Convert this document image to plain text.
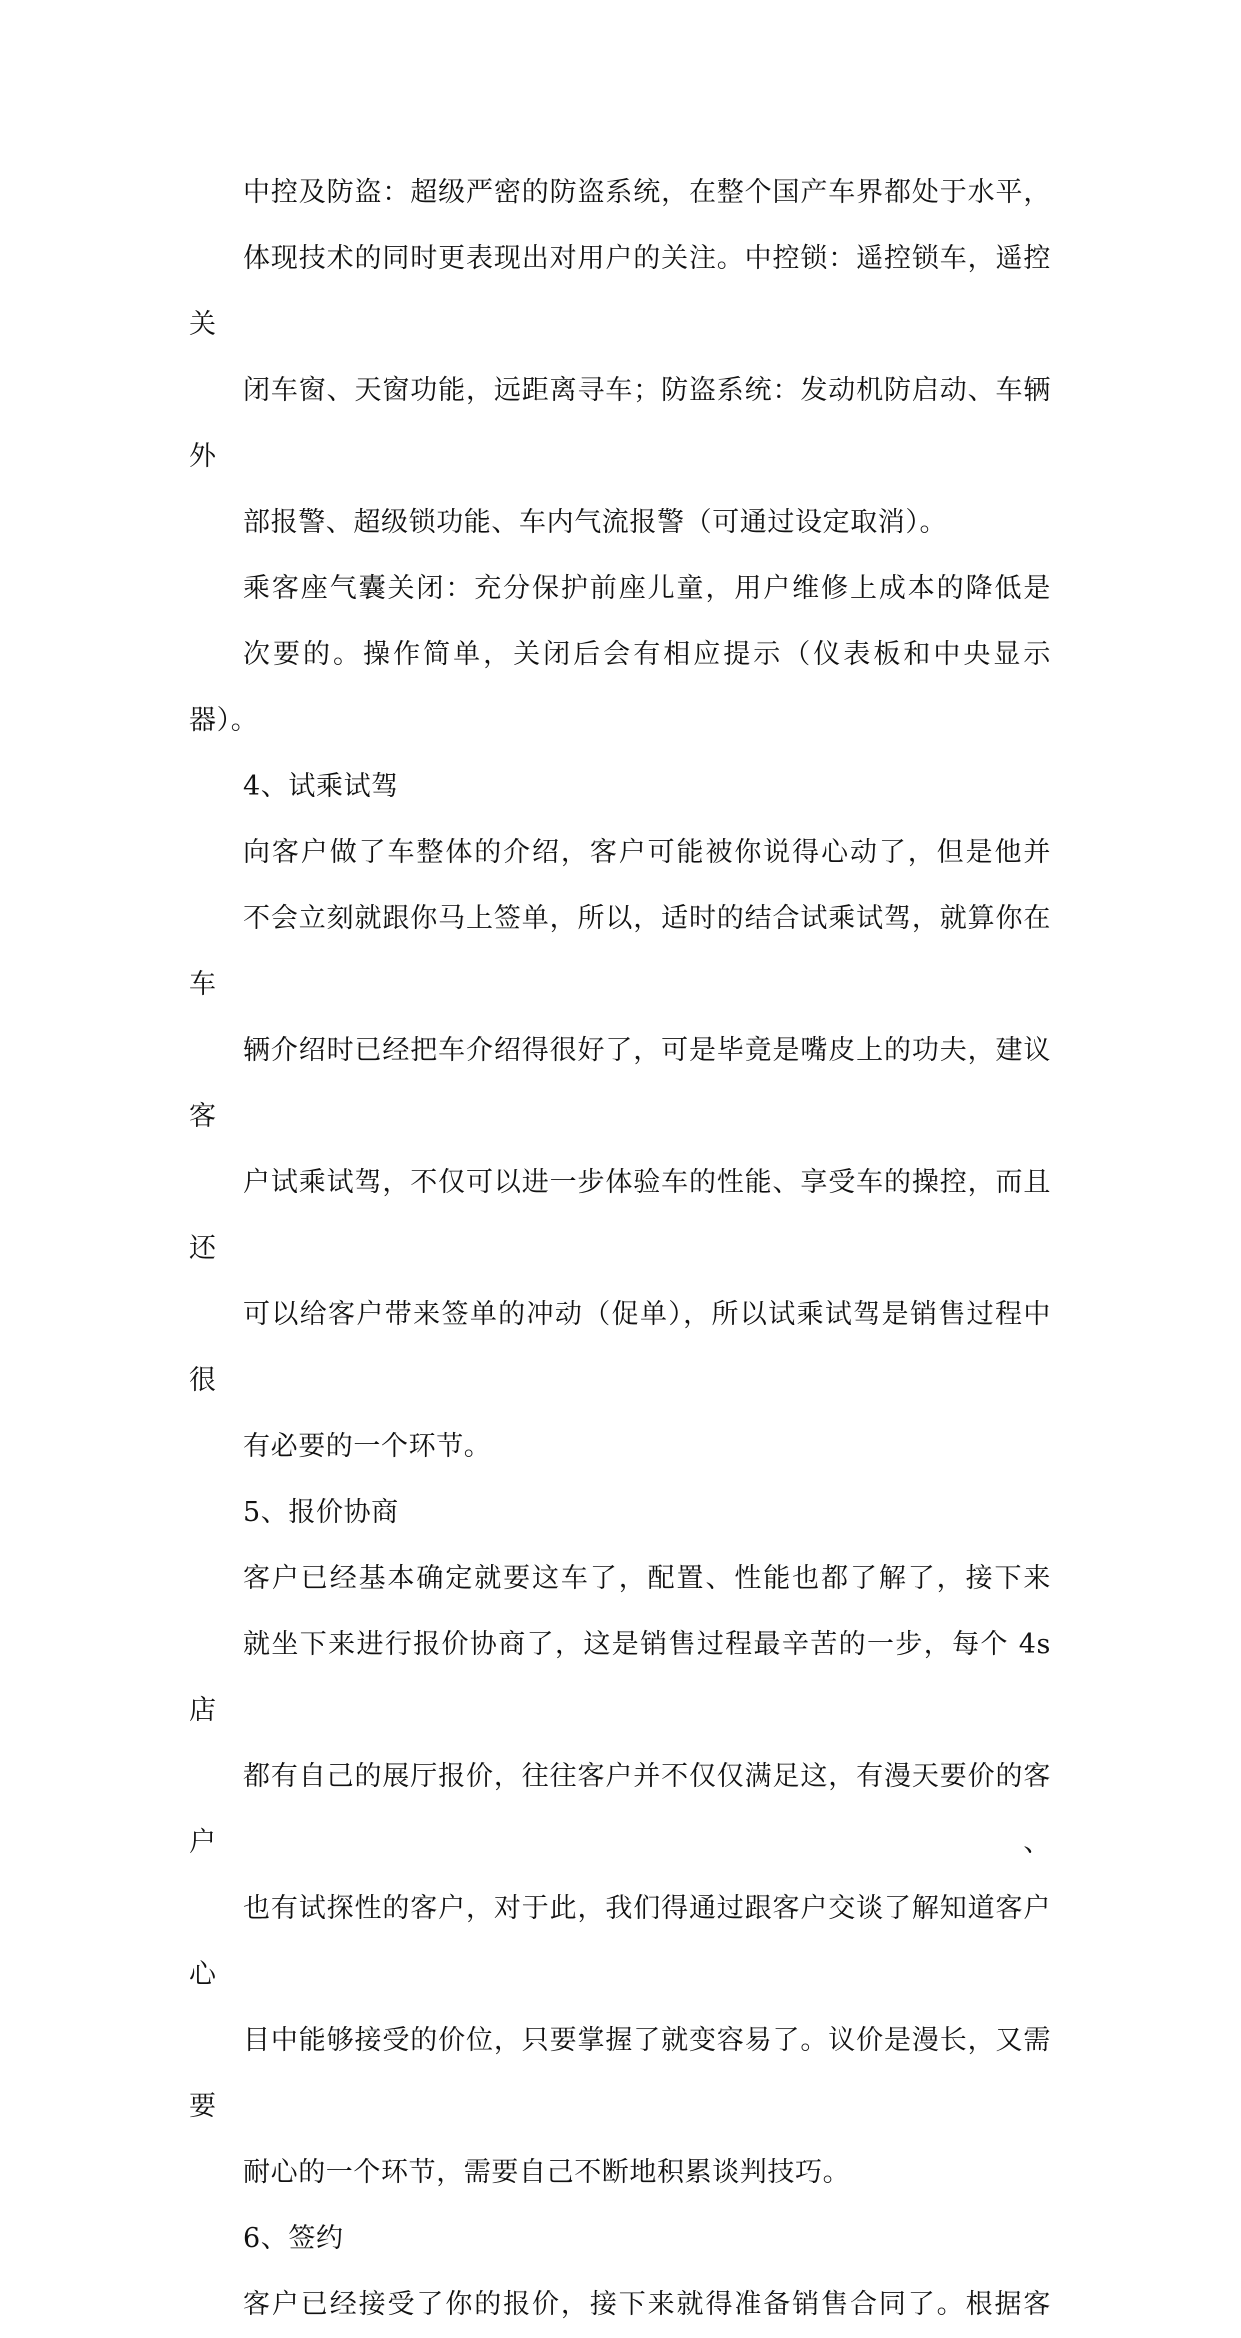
中控及防盗：超级严密的防盗系统，在整个国产车界都处于水平，
体现技术的同时更表现出对用户的关注。中控锁：遥控锁车，遥控关
闭车窗、天窗功能，远距离寻车；防盗系统：发动机防启动、车辆外
部报警、超级锁功能、车内气流报警（可通过设定取消）。

乘客座气囊关闭：充分保护前座儿童，用户维修上成本的降低是
次要的。操作简单，关闭后会有相应提示（仪表板和中央显示器）。

4、试乘试驾

向客户做了车整体的介绍，客户可能被你说得心动了，但是他并
不会立刻就跟你马上签单，所以，适时的结合试乘试驾，就算你在车
辆介绍时已经把车介绍得很好了，可是毕竟是嘴皮上的功夫，建议客
户试乘试驾，不仅可以进一步体验车的性能、享受车的操控，而且还
可以给客户带来签单的冲动（促单），所以试乘试驾是销售过程中很
有必要的一个环节。

5、报价协商

客户已经基本确定就要这车了，配置、性能也都了解了，接下来
就坐下来进行报价协商了，这是销售过程最辛苦的一步，每个 4s 店
都有自己的展厅报价，往往客户并不仅仅满足这，有漫天要价的客户、
也有试探性的客户，对于此，我们得通过跟客户交谈了解知道客户心
目中能够接受的价位，只要掌握了就变容易了。议价是漫长，又需要
耐心的一个环节，需要自己不断地积累谈判技巧。

6、签约

客户已经接受了你的报价，接下来就得准备销售合同了。根据客
